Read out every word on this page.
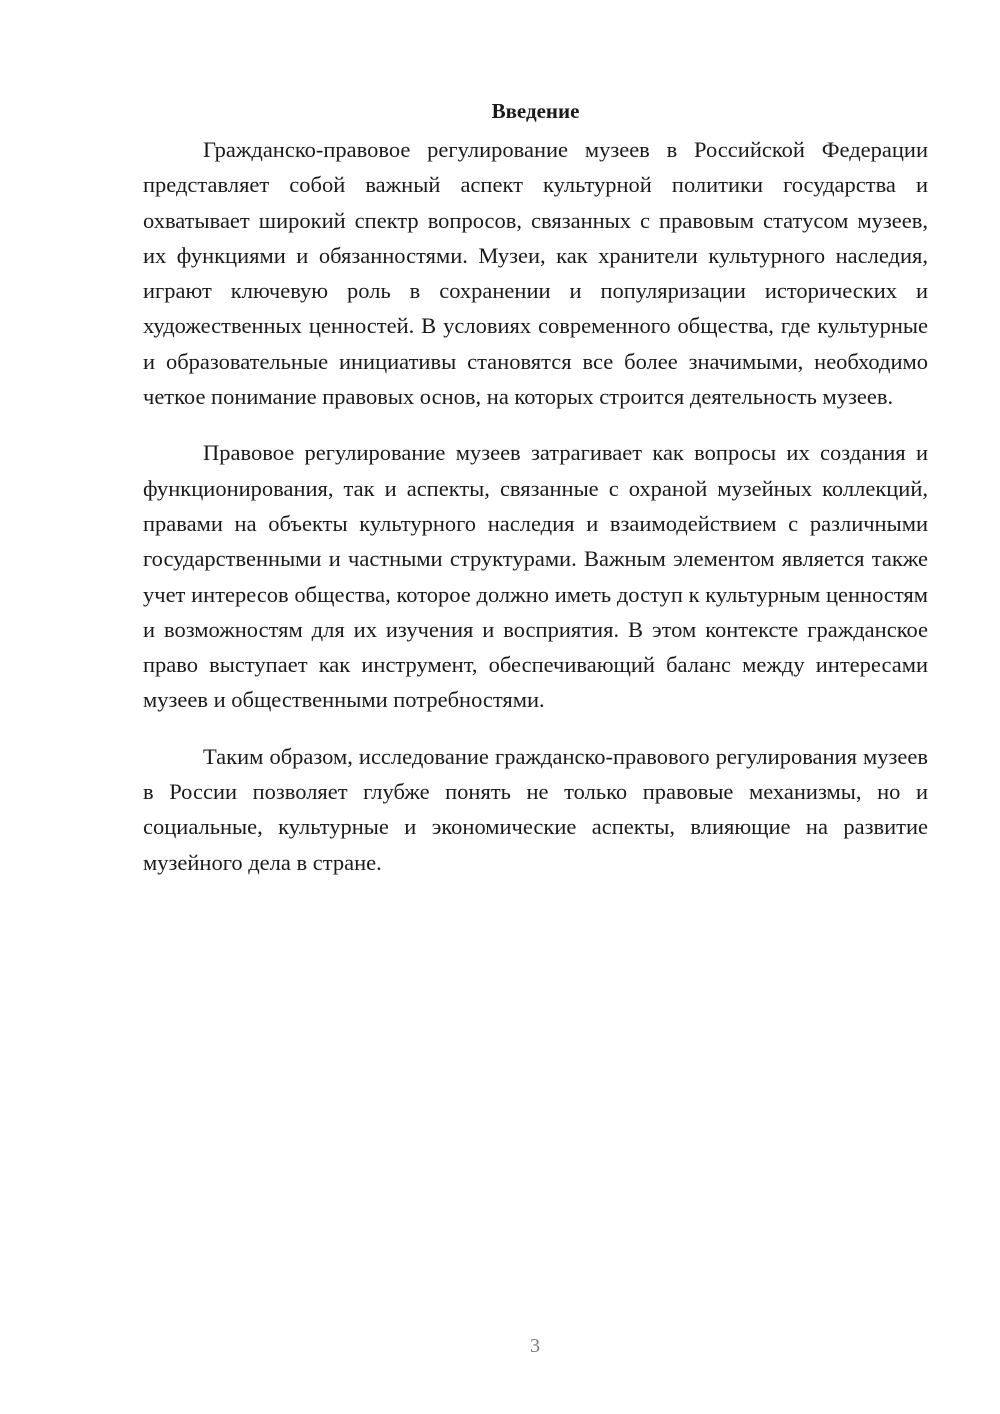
Введение

Гражданско-правовое регулирование музеев в Российской Федерации представляет собой важный аспект культурной политики государства и охватывает широкий спектр вопросов, связанных с правовым статусом музеев, их функциями и обязанностями. Музеи, как хранители культурного наследия, играют ключевую роль в сохранении и популяризации исторических и художественных ценностей. В условиях современного общества, где культурные и образовательные инициативы становятся все более значимыми, необходимо четкое понимание правовых основ, на которых строится деятельность музеев.

Правовое регулирование музеев затрагивает как вопросы их создания и функционирования, так и аспекты, связанные с охраной музейных коллекций, правами на объекты культурного наследия и взаимодействием с различными государственными и частными структурами. Важным элементом является также учет интересов общества, которое должно иметь доступ к культурным ценностям и возможностям для их изучения и восприятия. В этом контексте гражданское право выступает как инструмент, обеспечивающий баланс между интересами музеев и общественными потребностями.

Таким образом, исследование гражданско-правового регулирования музеев в России позволяет глубже понять не только правовые механизмы, но и социальные, культурные и экономические аспекты, влияющие на развитие музейного дела в стране.

3
